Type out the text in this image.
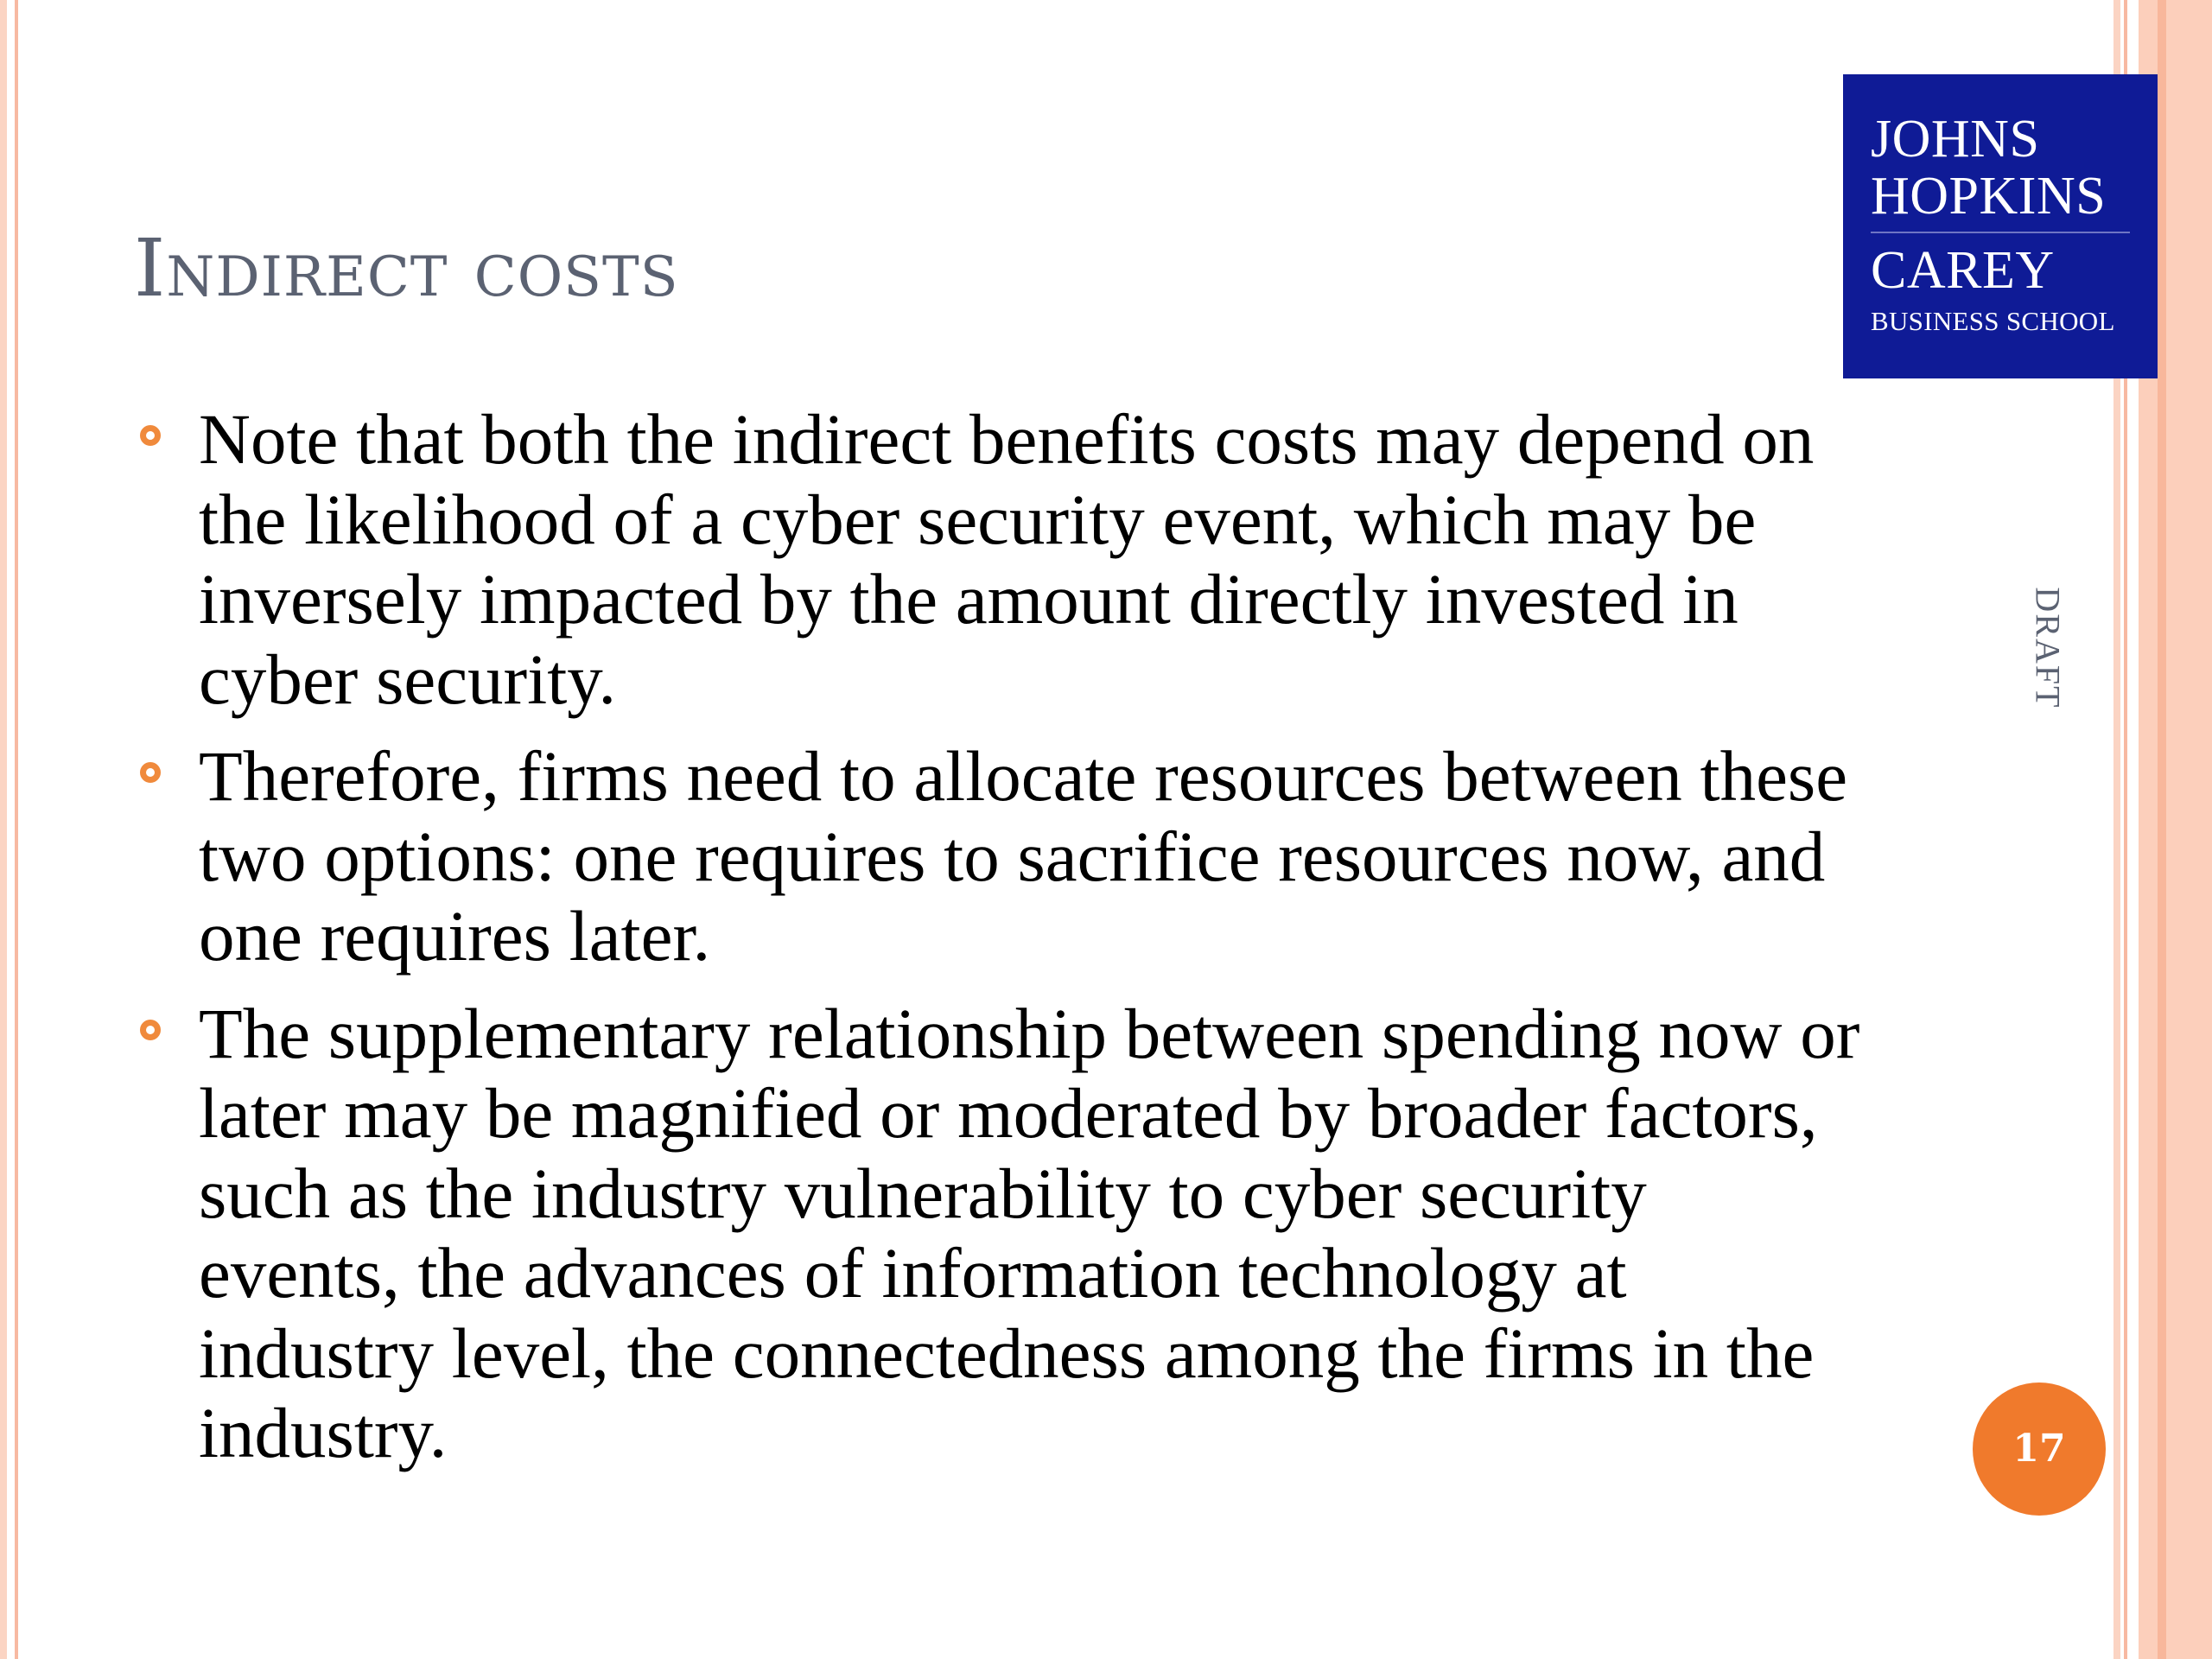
Indirect costs
JOHNS
HOPKINS
CAREY
BUSINESS SCHOOL
Note that both the indirect benefits costs may depend on the likelihood of a cyber security event, which may be inversely impacted by the amount directly invested in cyber security.
Therefore, firms need to allocate resources between these two options: one requires to sacrifice resources now, and one requires later.
The supplementary relationship between spending now or later may be magnified or moderated by broader factors, such as the industry vulnerability to cyber security events, the advances of information technology at industry level, the connectedness among the firms in the industry.
DRAFT
17
